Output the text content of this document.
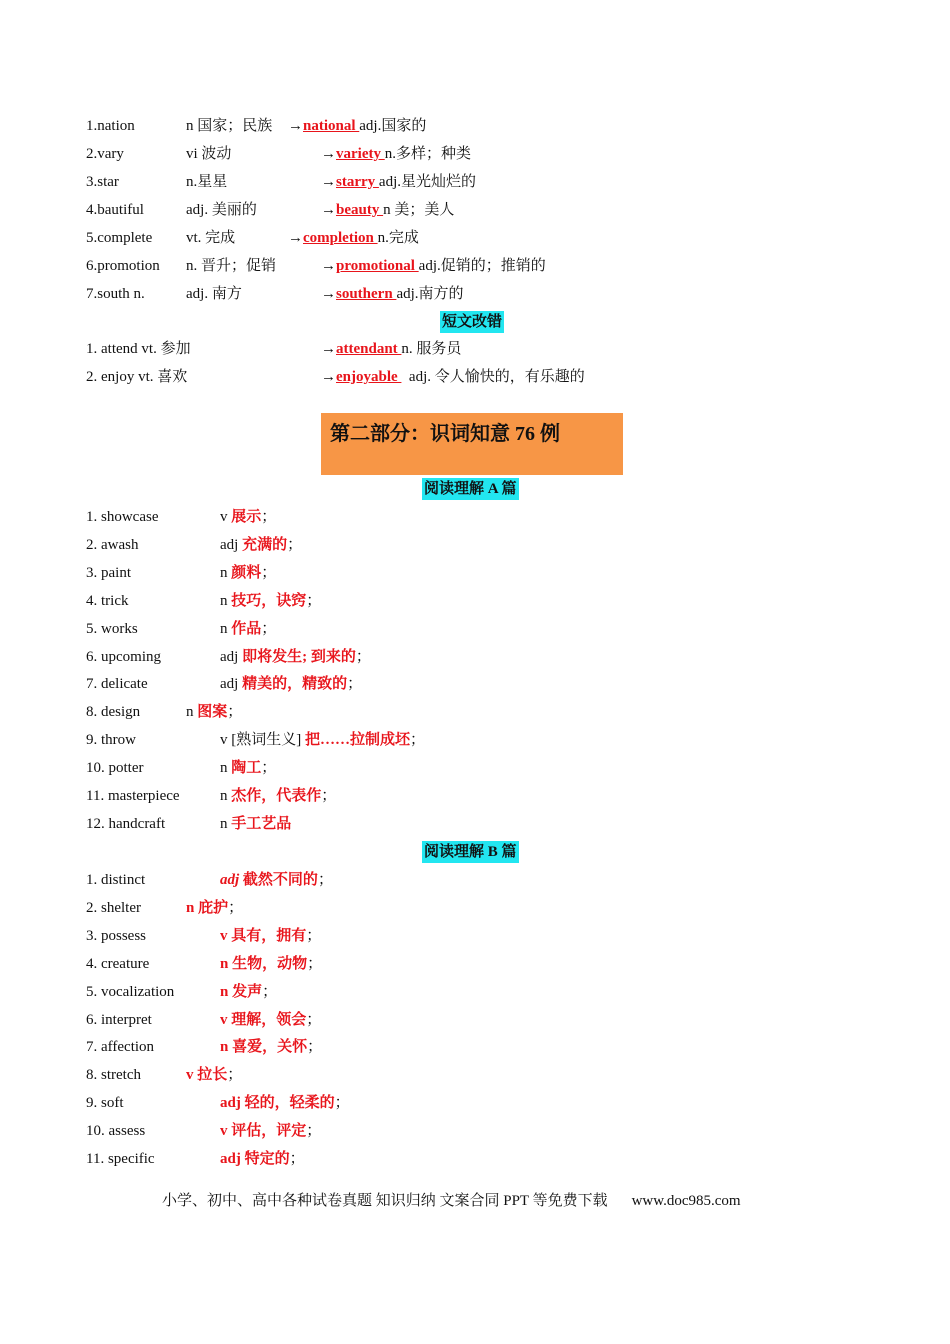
1.nation	n 国家；民族 →national adj.国家的
2.vary	vi 波动	→variety n.多样；种类
3.star	n.星星	→starry adj.星光灿烂的
4.bautiful	adj. 美丽的	→beauty n 美；美人
5.complete vt. 完成	→completion n.完成
6.promotion n. 晋升；促销	→promotional adj.促销的；推销的
7.south n.	adj. 南方	→southern adj.南方的
短文改错
1. attend vt. 参加	→attendant n. 服务员
2. enjoy vt. 喜欢	→enjoyable   adj. 令人愉快的，有乐趣的
第二部分：识词知意 76 例
阅读理解 A 篇
1. showcase	v 展示；
2. awash	adj 充满的；
3. paint	n 颜料；
4. trick	n 技巧，诀窍；
5. works	n 作品；
6. upcoming	adj 即将发生; 到来的；
7. delicate	adj 精美的，精致的；
8. design	n 图案；
9. throw	v [熟词生义] 把……拉制成坯；
10. potter	n 陶工；
11. masterpiece	n 杰作，代表作；
12. handcraft	n 手工艺品
阅读理解 B 篇
1. distinct	adj 截然不同的；
2. shelter	n 庇护；
3. possess	v 具有，拥有；
4. creature	n 生物，动物；
5. vocalization	n 发声；
6. interpret	v 理解，领会；
7. affection	n 喜爱，关怀；
8. stretch	v 拉长；
9. soft	adj 轻的，轻柔的；
10. assess	v 评估，评定；
11. specific	adj 特定的；
小学、初中、高中各种试卷真题 知识归纳 文案合同 PPT 等免费下载 www.doc985.com
